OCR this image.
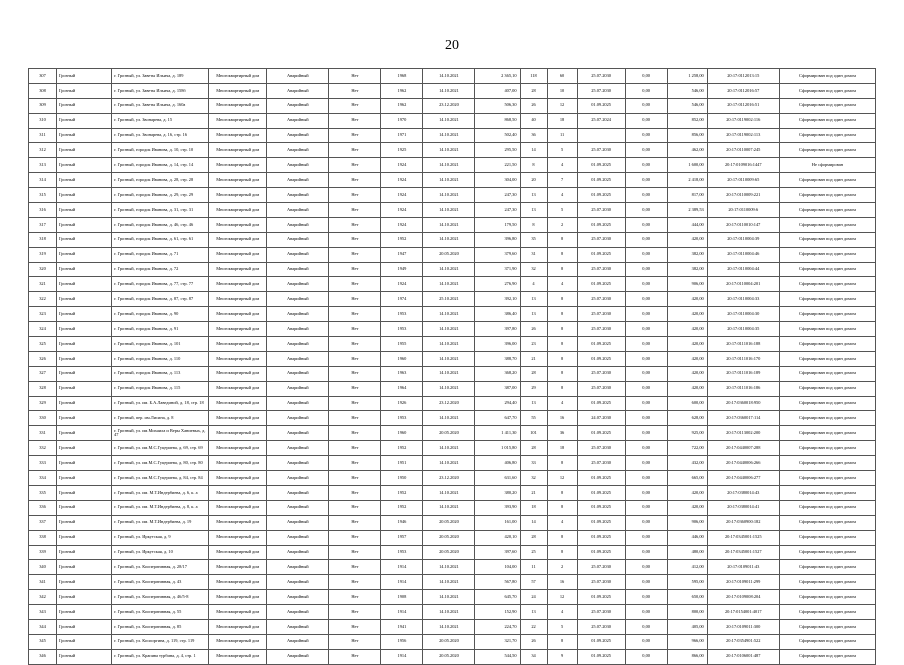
20
307	Грозный	г. Грозный, ул. Заветы Ильича, д. 189	Многоквартирный дом	Аварийный	Нет	1968	14.10.2021	2 365,10	118	60	25.07.2030	0,00	1 258,00	20:17:0112013:15	Сформирован под один домом
308	Грозный	г. Грозный, ул. Заветы Ильича, д. 158б	Многоквартирный дом	Аварийный	Нет	1962	14.10.2021	407,00	28	10	25.07.2030	0,00	546,00	20:17:0112016:57	Сформирован под один домом
309	Грозный	г. Грозный, ул. Заветы Ильича, д. 160а	Многоквартирный дом	Аварийный	Нет	1962	23.12.2020	506,30	26	12	01.09.2025	0,00	546,00	20:17:0112016:51	Сформирован под один домом
310	Грозный	г. Грозный, ул. Звонарева, д. 15	Многоквартирный дом	Аварийный	Нет	1970	14.10.2021	868,50	40	18	25.07.2024	0,00	852,00	20:17:0119002:116	Сформирован под один домом
311	Грозный	г. Грозный, ул. Звонарева, д. 16, стр. 16	Многоквартирный дом	Аварийный	Нет	1971	14.10.2021	502,40	36	11		0,00	856,00	20:17:0119002:113	Сформирован под один домом
312	Грозный	г. Грозный, городок Иванова, д. 10, стр. 10	Многоквартирный дом	Аварийный	Нет	1925	14.10.2021	295,50	14	5	25.07.2030	0,00	462,00	20:17:0110007:245	Сформирован под один домом
313	Грозный	г. Грозный, городок Иванова, д. 14, стр. 14	Многоквартирный дом	Аварийный	Нет	1924	14.10.2021	221,50	8	4	01.09.2025	0,00	1 600,00	20:17:0109016:1447	Не сформирован
314	Грозный	г. Грозный, городок Иванова, д. 28, стр. 28	Многоквартирный дом	Аварийный	Нет	1924	14.10.2021	304,00	20	7	01.09.2025	0,00	2 418,00	20:17:0110009:65	Сформирован под один домом
315	Грозный	г. Грозный, городок Иванова, д. 29, стр. 29	Многоквартирный дом	Аварийный	Нет	1924	14.10.2021	247,30	13	4	01.09.2025	0,00	817,00	20:17:0110009:221	Сформирован под один домом
316	Грозный	г. Грозный, городок Иванова, д. 31, стр. 31	Многоквартирный дом	Аварийный	Нет	1924	14.10.2021	247,30	13	5	25.07.2030	0,00	2 389,53	20:17:0110009:6	Сформирован под один домом
317	Грозный	г. Грозный, городок Иванова, д. 46, стр. 46	Многоквартирный дом	Аварийный	Нет	1924	14.10.2021	179,50	8	2	01.09.2025	0,00	444,00	20:17:0110010:147	Сформирован под один домом
318	Грозный	г. Грозный, городок Иванова, д. 61, стр. 61	Многоквартирный дом	Аварийный	Нет	1952	14.10.2021	396,80	35	8	25.07.2030	0,00	420,00	20:17:0110004:39	Сформирован под один домом
319	Грозный	г. Грозный, городок Иванова, д. 71	Многоквартирный дом	Аварийный	Нет	1947	20.05.2020	379,60	31	8	01.09.2025	0,00	382,00	20:17:0110004:46	Сформирован под один домом
320	Грозный	г. Грозный, городок Иванова, д. 72	Многоквартирный дом	Аварийный	Нет	1949	14.10.2021	371,90	32	8	25.07.2030	0,00	382,00	20:17:0110004:44	Сформирован под один домом
321	Грозный	г. Грозный, городок Иванова, д. 77, стр. 77	Многоквартирный дом	Аварийный	Нет	1924	14.10.2021	276,90	4	4	01.09.2025	0,00	906,00	20:17:0110004:201	Сформирован под один домом
322	Грозный	г. Грозный, городок Иванова, д. 87, стр. 87	Многоквартирный дом	Аварийный	Нет	1974	25.10.2021	392,10	13	8	25.07.2030	0,00	420,00	20:17:0110004:33	Сформирован под один домом
323	Грозный	г. Грозный, городок Иванова, д. 90	Многоквартирный дом	Аварийный	Нет	1953	14.10.2021	386,40	13	8	25.07.2030	0,00	420,00	20:17:0110004:30	Сформирован под один домом
324	Грозный	г. Грозный, городок Иванова, д. 91	Многоквартирный дом	Аварийный	Нет	1953	14.10.2021	397,80	26	8	25.07.2030	0,00	420,00	20:17:0110004:35	Сформирован под один домом
325	Грозный	г. Грозный, городок Иванова, д. 101	Многоквартирный дом	Аварийный	Нет	1955	14.10.2021	396,00	23	8	01.09.2025	0,00	420,00	20:17:0111016:188	Сформирован под один домом
326	Грозный	г. Грозный, городок Иванова, д. 110	Многоквартирный дом	Аварийный	Нет	1960	14.10.2021	388,70	21	8	01.09.2025	0,00	420,00	20:17:0111016:170	Сформирован под один домом
327	Грозный	г. Грозный, городок Иванова, д. 113	Многоквартирный дом	Аварийный	Нет	1963	14.10.2021	368,20	28	8	25.07.2030	0,00	420,00	20:17:0111016:189	Сформирован под один домом
328	Грозный	г. Грозный, городок Иванова, д. 115	Многоквартирный дом	Аварийный	Нет	1964	14.10.2021	387,00	29	8	25.07.2030	0,00	420,00	20:17:0111016:186	Сформирован под один домом
329	Грозный	г. Грозный, ул. им. Б.А.Лавединой, д. 18, стр. 18	Многоквартирный дом	Аварийный	Нет	1926	23.12.2020	294,40	13	4	01.09.2025	0,00	600,00	20:17:0360018:950	Сформирован под один домом
330	Грозный	г. Грозный, пер. им.Лисина, д. 8	Многоквартирный дом	Аварийный	Нет	1953	14.10.2021	647,70	55	16	24.07.2030	0,00	628,00	20:17:0360017:114	Сформирован под один домом
331	Грозный	г. Грозный, ул. им.Михаила и Веры Ханиевых, д. 47	Многоквартирный дом	Аварийный	Нет	1960	20.05.2020	1 411,30	101	36	01.09.2025	0,00	925,00	20:17:0113002:200	Сформирован под один домом
332	Грозный	г. Грозный, ул. им.М.С.Гуцериева, д. 69, стр. 69	Многоквартирный дом	Аварийный	Нет	1952	14.10.2021	1 015,80	28	18	25.07.2030	0,00	722,00	20:17:0440007:288	Сформирован под один домом
333	Грозный	г. Грозный, ул. им.М.С.Гуцериева, д. 80, стр. 80	Многоквартирный дом	Аварийный	Нет	1951	14.10.2021	406,80	33	8	25.07.2030	0,00	432,00	20:17:0440006:266	Сформирован под один домом
334	Грозный	г. Грозный, ул. им.М.С.Гуцериева, д. 84, стр. 84	Многоквартирный дом	Аварийный	Нет	1950	23.12.2020	631,60	32	12	01.09.2025	0,00	665,00	20:17:0440006:277	Сформирован под один домом
335	Грозный	г. Грозный, ул. им. М.Т.Индербиева, д. 6, к. а	Многоквартирный дом	Аварийный	Нет	1952	14.10.2021	380,20	21	8	01.09.2025	0,00	420,00	20:17:0380014:43	Сформирован под один домом
336	Грозный	г. Грозный, ул. им. М.Т.Индербиева, д. 8, к. а	Многоквартирный дом	Аварийный	Нет	1952	14.10.2021	393,90	18	8	01.09.2025	0,00	420,00	20:17:0380014:41	Сформирован под один домом
337	Грозный	г. Грозный, ул. им. М.Т.Индербиева, д. 19	Многоквартирный дом	Аварийный	Нет	1946	20.05.2020	161,00	14	4	01.09.2025	0,00	906,00	20:17:0360900:182	Сформирован под один домом
338	Грозный	г. Грозный, ул. Иркутская, д. 9	Многоквартирный дом	Аварийный	Нет	1957	20.05.2020	420,10	28	8	01.09.2025	0,00	446,00	20:17:0345001:1525	Сформирован под один домом
339	Грозный	г. Грозный, ул. Иркутская, д. 10	Многоквартирный дом	Аварийный	Нет	1953	20.05.2020	397,60	25	8	01.09.2025	0,00	480,00	20:17:0345001:1527	Сформирован под один домом
340	Грозный	г. Грозный, ул. Кооперативная, д. 28/17	Многоквартирный дом	Аварийный	Нет	1914	14.10.2021	104,00	11	2	25.07.2030	0,00	412,00	20:17:0109011:43	Сформирован под один домом
341	Грозный	г. Грозный, ул. Кооперативная, д. 43	Многоквартирный дом	Аварийный	Нет	1914	14.10.2021	567,80	57	16	25.07.2030	0,00	595,00	20:17:0109011:299	Сформирован под один домом
342	Грозный	г. Грозный, ул. Кооперативная, д. 46/5-8	Многоквартирный дом	Аварийный	Нет	1908	14.10.2021	645,70	24	12	01.09.2025	0,00	650,00	20:17:0109008:204	Сформирован под один домом
343	Грозный	г. Грозный, ул. Кооперативная, д. 55	Многоквартирный дом	Аварийный	Нет	1914	14.10.2021	152,90	13	4	25.07.2030	0,00	800,00	20:17:0154001:4017	Сформирован под один домом
344	Грозный	г. Грозный, ул. Кооперативная, д. 85	Многоквартирный дом	Аварийный	Нет	1941	14.10.2021	224,70	22	5	25.07.2030	0,00	405,00	20:17:0109011:300	Сформирован под один домом
345	Грозный	г. Грозный, ул. Косиоргина, д. 119, стр. 119	Многоквартирный дом	Аварийный	Нет	1956	20.05.2020	321,70	26	8	01.09.2025	0,00	966,00	20:17:0354901:522	Сформирован под один домом
346	Грозный	г. Грозный, ул. Крапива турбина, д. 4, стр. 1	Многоквартирный дом	Аварийный	Нет	1914	20.05.2020	544,50	34	9	01.09.2025	0,00	866,00	20:17:0106001:487	Сформирован под один домом
